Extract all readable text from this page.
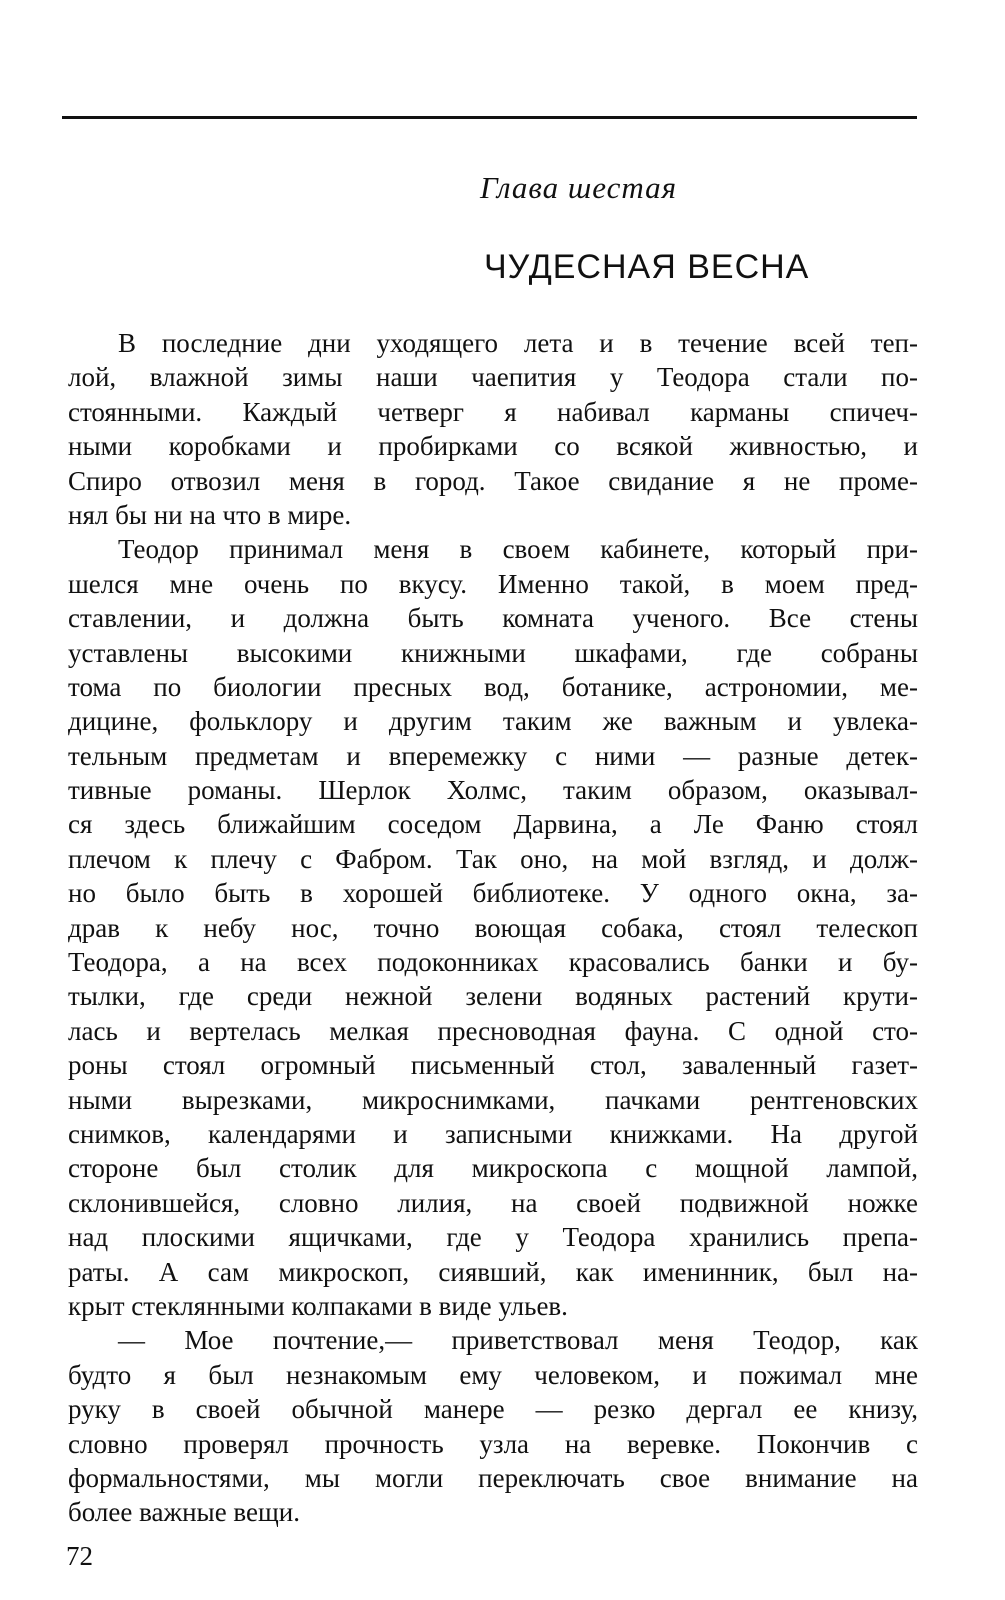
Глава шестая
ЧУДЕСНАЯ ВЕСНА
В последние дни уходящего лета и в течение всей теп-
лой, влажной зимы наши чаепития у Теодора стали по-
стоянными. Каждый четверг я набивал карманы спичеч-
ными коробками и пробирками со всякой живностью, и
Спиро отвозил меня в город. Такое свидание я не проме-
нял бы ни на что в мире.
Теодор принимал меня в своем кабинете, который при-
шелся мне очень по вкусу. Именно такой, в моем пред-
ставлении, и должна быть комната ученого. Все стены
уставлены высокими книжными шкафами, где собраны
тома по биологии пресных вод, ботанике, астрономии, ме-
дицине, фольклору и другим таким же важным и увлека-
тельным предметам и вперемежку с ними — разные детек-
тивные романы. Шерлок Холмс, таким образом, оказывал-
ся здесь ближайшим соседом Дарвина, а Ле Фаню стоял
плечом к плечу с Фабром. Так оно, на мой взгляд, и долж-
но было быть в хорошей библиотеке. У одного окна, за-
драв к небу нос, точно воющая собака, стоял телескоп
Теодора, а на всех подоконниках красовались банки и бу-
тылки, где среди нежной зелени водяных растений крути-
лась и вертелась мелкая пресноводная фауна. С одной сто-
роны стоял огромный письменный стол, заваленный газет-
ными вырезками, микроснимками, пачками рентгеновских
снимков, календарями и записными книжками. На другой
стороне был столик для микроскопа с мощной лампой,
склонившейся, словно лилия, на своей подвижной ножке
над плоскими ящичками, где у Теодора хранились препа-
раты. А сам микроскоп, сиявший, как именинник, был на-
крыт стеклянными колпаками в виде ульев.
— Мое почтение,— приветствовал меня Теодор, как
будто я был незнакомым ему человеком, и пожимал мне
руку в своей обычной манере — резко дергал ее книзу,
словно проверял прочность узла на веревке. Покончив с
формальностями, мы могли переключать свое внимание на
более важные вещи.
72
